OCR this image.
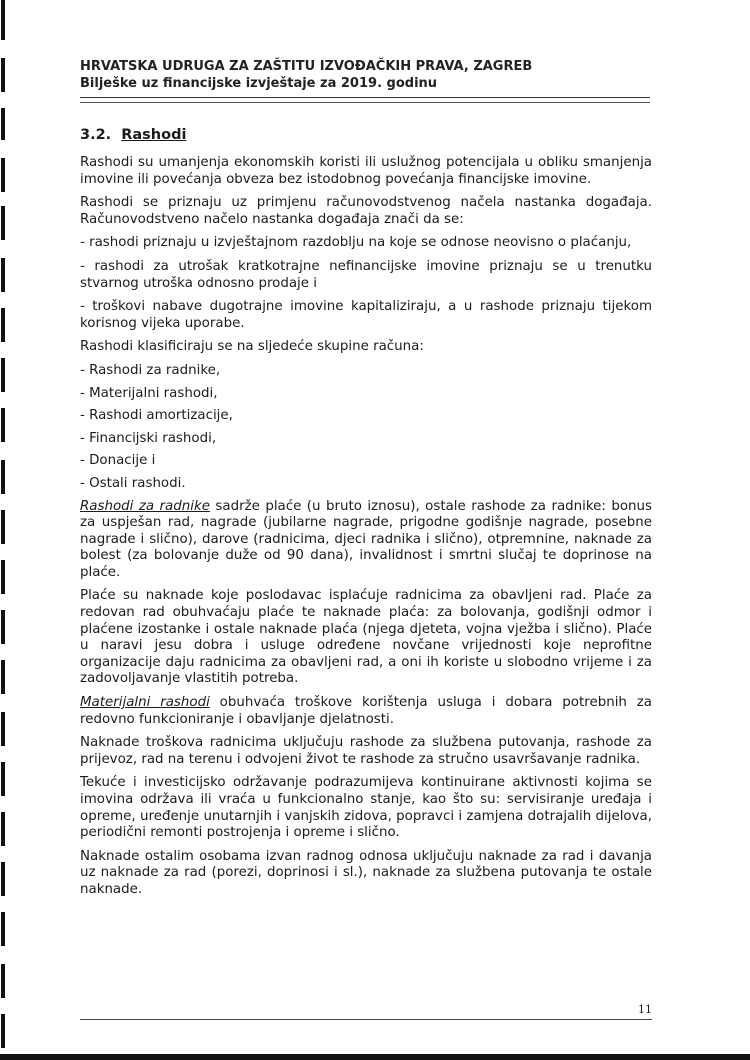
HRVATSKA UDRUGA ZA ZAŠTITU IZVOĐAČKIH PRAVA, ZAGREB
Bilješke uz financijske izvještaje za 2019. godinu
3.2. Rashodi

Rashodi su umanjenja ekonomskih koristi ili uslužnog potencijala u obliku smanjenja imovine ili povećanja obveza bez istodobnog povećanja financijske imovine.

Rashodi se priznaju uz primjenu računovodstvenog načela nastanka događaja. Računovodstveno načelo nastanka događaja znači da se:

- rashodi priznaju u izvještajnom razdoblju na koje se odnose neovisno o plaćanju,

- rashodi za utrošak kratkotrajne nefinancijske imovine priznaju se u trenutku stvarnog utroška odnosno prodaje i

- troškovi nabave dugotrajne imovine kapitaliziraju, a u rashode priznaju tijekom korisnog vijeka uporabe.

Rashodi klasificiraju se na sljedeće skupine računa:

- Rashodi za radnike,

- Materijalni rashodi,

- Rashodi amortizacije,

- Financijski rashodi,

- Donacije i

- Ostali rashodi.

Rashodi za radnike sadrže plaće (u bruto iznosu), ostale rashode za radnike: bonus za uspješan rad, nagrade (jubilarne nagrade, prigodne godišnje nagrade, posebne nagrade i slično), darove (radnicima, djeci radnika i slično), otpremnine, naknade za bolest (za bolovanje duže od 90 dana), invalidnost i smrtni slučaj te doprinose na plaće.

Plaće su naknade koje poslodavac isplaćuje radnicima za obavljeni rad. Plaće za redovan rad obuhvaćaju plaće te naknade plaća: za bolovanja, godišnji odmor i plaćene izostanke i ostale naknade plaća (njega djeteta, vojna vježba i slično). Plaće u naravi jesu dobra i usluge određene novčane vrijednosti koje neprofitne organizacije daju radnicima za obavljeni rad, a oni ih koriste u slobodno vrijeme i za zadovoljavanje vlastitih potreba.

Materijalni rashodi obuhvaća troškove korištenja usluga i dobara potrebnih za redovno funkcioniranje i obavljanje djelatnosti.

Naknade troškova radnicima uključuju rashode za službena putovanja, rashode za prijevoz, rad na terenu i odvojeni život te rashode za stručno usavršavanje radnika.

Tekuće i investicijsko održavanje podrazumijeva kontinuirane aktivnosti kojima se imovina održava ili vraća u funkcionalno stanje, kao što su: servisiranje uređaja i opreme, uređenje unutarnjih i vanjskih zidova, popravci i zamjena dotrajalih dijelova, periodični remonti postrojenja i opreme i slično.

Naknade ostalim osobama izvan radnog odnosa uključuju naknade za rad i davanja uz naknade za rad (porezi, doprinosi i sl.), naknade za službena putovanja te ostale naknade.

11
